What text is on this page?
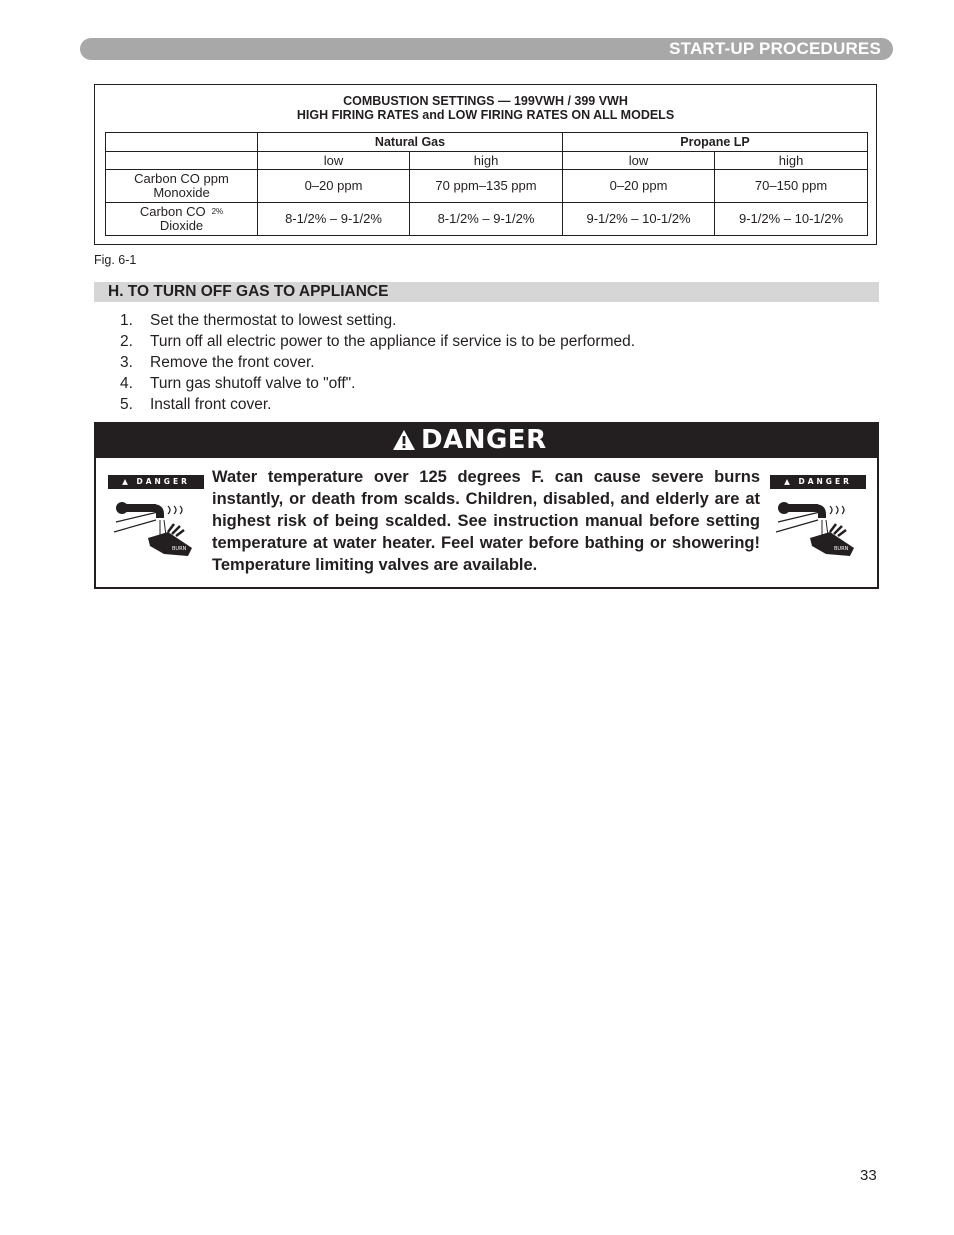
START-UP PROCEDURES
COMBUSTION SETTINGS — 199VWH / 399 VWH
HIGH FIRING RATES and LOW FIRING RATES ON ALL MODELS
	Natural Gas		Propane LP	
	low	high	low	high

Carbon CO ppm
Monoxide	0–20 ppm	70 ppm–135 ppm	0–20 ppm	70–150 ppm

Carbon CO 2%
Dioxide	8-1/2% – 9-1/2%	8-1/2% – 9-1/2%	9-1/2% – 10-1/2%	9-1/2% – 10-1/2%
Fig. 6-1
H. TO TURN OFF GAS TO APPLIANCE
1. Set the thermostat to lowest setting.
2. Turn off all electric power to the appliance if service is to be performed.
3. Remove the front cover.
4. Turn gas shutoff valve to "off".
5. Install front cover.
DANGER
▲ DANGER
BURN
Water temperature over 125 degrees F. can cause severe burns instantly, or death from scalds. Children, disabled, and elderly are at highest risk of being scalded. See instruction manual before setting temperature at water heater. Feel water before bathing or showering! Temperature limiting valves are available.
▲ DANGER
BURN
33
